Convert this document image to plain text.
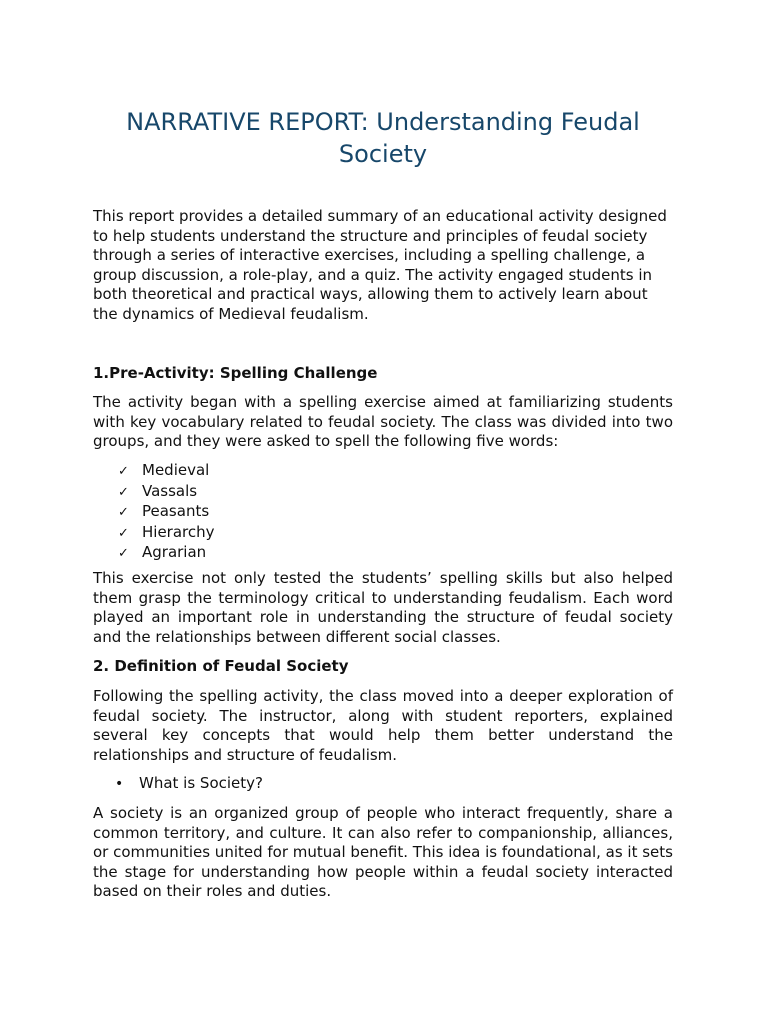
NARRATIVE REPORT: Understanding Feudal Society

This report provides a detailed summary of an educational activity designed to help students understand the structure and principles of feudal society through a series of interactive exercises, including a spelling challenge, a group discussion, a role-play, and a quiz. The activity engaged students in both theoretical and practical ways, allowing them to actively learn about the dynamics of Medieval feudalism.

1.Pre-Activity: Spelling Challenge

The activity began with a spelling exercise aimed at familiarizing students with key vocabulary related to feudal society. The class was divided into two groups, and they were asked to spell the following five words:

✓ Medieval
✓ Vassals
✓ Peasants
✓ Hierarchy
✓ Agrarian

This exercise not only tested the students’ spelling skills but also helped them grasp the terminology critical to understanding feudalism. Each word played an important role in understanding the structure of feudal society and the relationships between different social classes.

2. Definition of Feudal Society

Following the spelling activity, the class moved into a deeper exploration of feudal society. The instructor, along with student reporters, explained several key concepts that would help them better understand the relationships and structure of feudalism.

•	What is Society?

A society is an organized group of people who interact frequently, share a common territory, and culture. It can also refer to companionship, alliances, or communities united for mutual benefit. This idea is foundational, as it sets the stage for understanding how people within a feudal society interacted based on their roles and duties.
